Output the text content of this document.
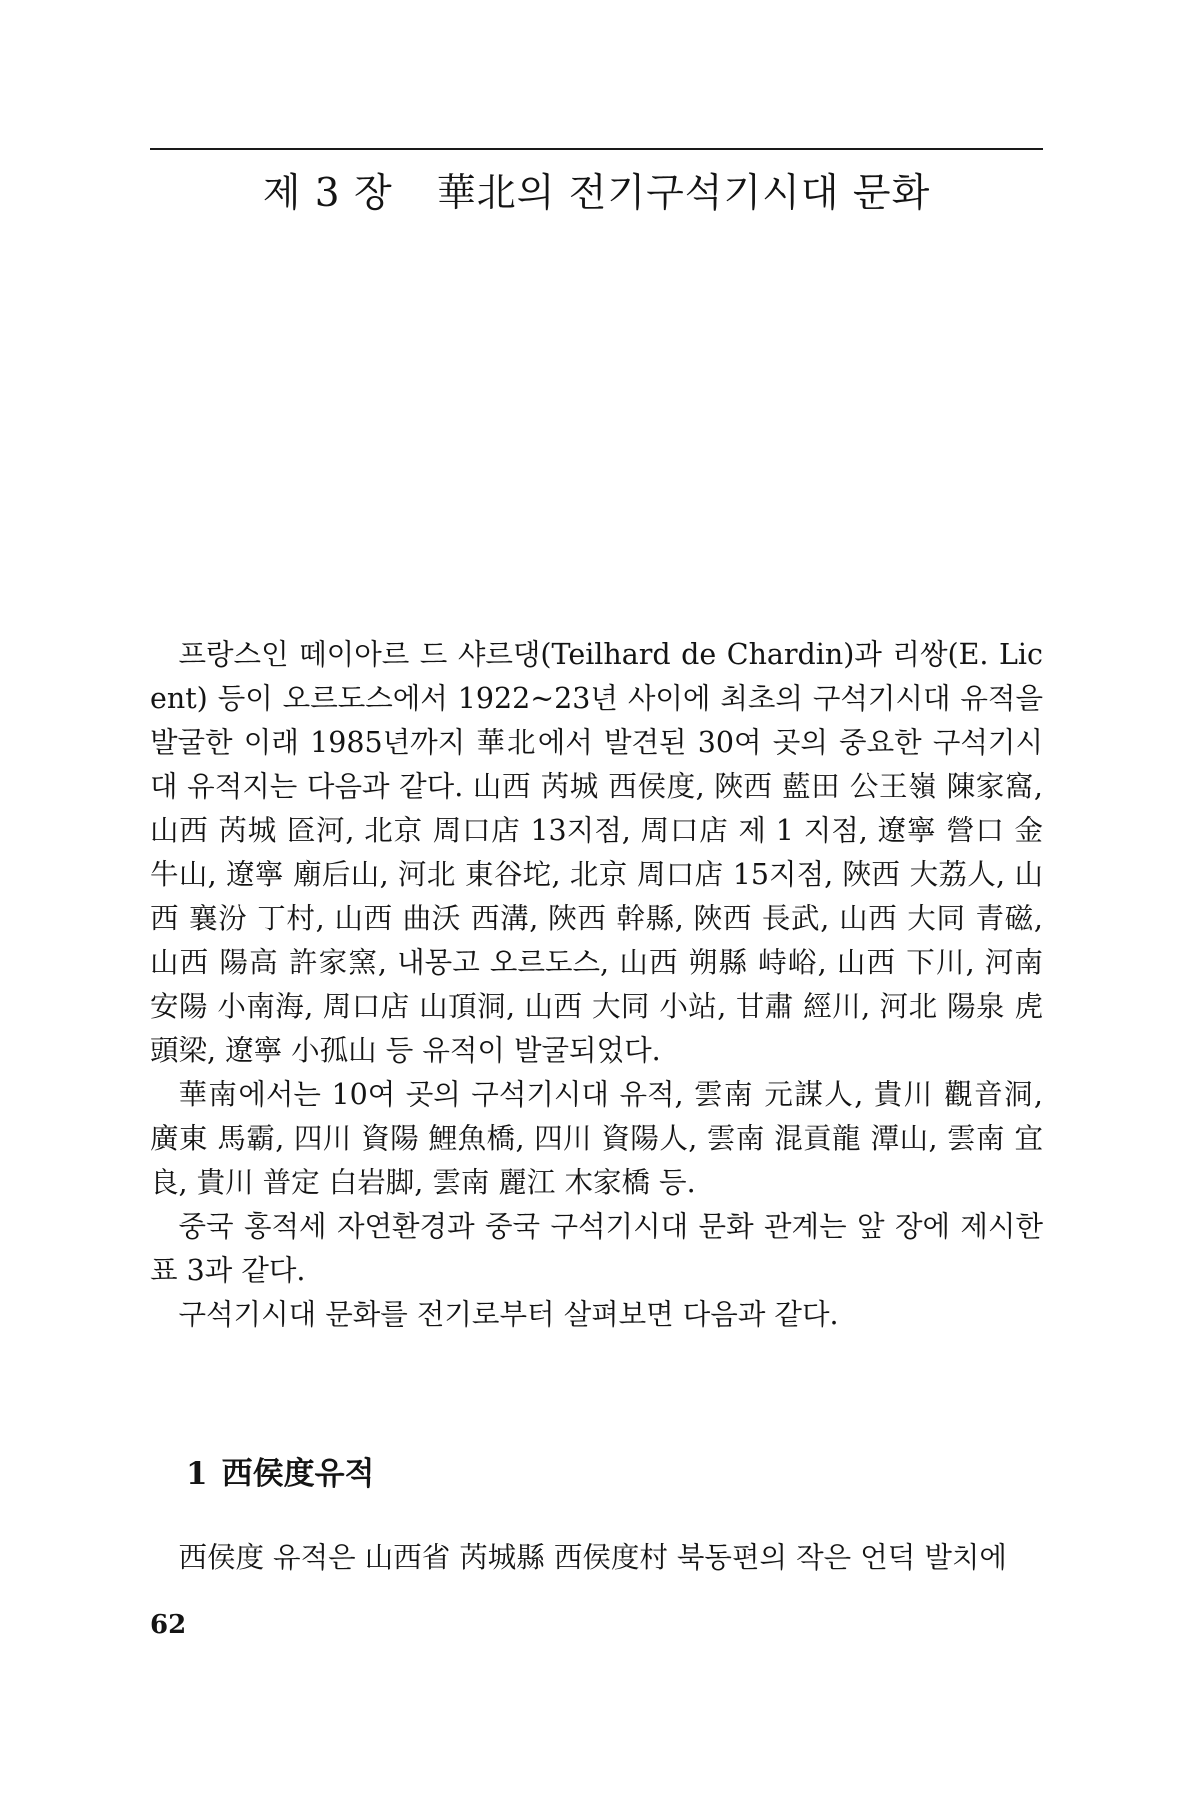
제 3 장 華北의 전기구석기시대 문화

프랑스인 떼이아르 드 샤르댕(Teilhard de Chardin)과 리쌍(E. Licent) 등이 오르도스에서 1922~23년 사이에 최초의 구석기시대 유적을 발굴한 이래 1985년까지 華北에서 발견된 30여 곳의 중요한 구석기시대 유적지는 다음과 같다. 山西 芮城 西侯度, 陜西 藍田 公王嶺 陳家窩, 山西 芮城 匼河, 北京 周口店 13지점, 周口店 제 1 지점, 遼寧 營口 金牛山, 遼寧 廟后山, 河北 東谷坨, 北京 周口店 15지점, 陜西 大荔人, 山西 襄汾 丁村, 山西 曲沃 西溝, 陜西 幹縣, 陜西 長武, 山西 大同 青磁, 山西 陽高 許家窯, 내몽고 오르도스, 山西 朔縣 峙峪, 山西 下川, 河南 安陽 小南海, 周口店 山頂洞, 山西 大同 小站, 甘肅 經川, 河北 陽泉 虎頭梁, 遼寧 小孤山 등 유적이 발굴되었다.

華南에서는 10여 곳의 구석기시대 유적, 雲南 元謀人, 貴川 觀音洞, 廣東 馬霸, 四川 資陽 鯉魚橋, 四川 資陽人, 雲南 混貢龍 潭山, 雲南 宜良, 貴川 普定 白岩脚, 雲南 麗江 木家橋 등.

중국 홍적세 자연환경과 중국 구석기시대 문화 관계는 앞 장에 제시한 표 3과 같다.

구석기시대 문화를 전기로부터 살펴보면 다음과 같다.

1 西侯度유적

西侯度 유적은 山西省 芮城縣 西侯度村 북동편의 작은 언덕 발치에

62
